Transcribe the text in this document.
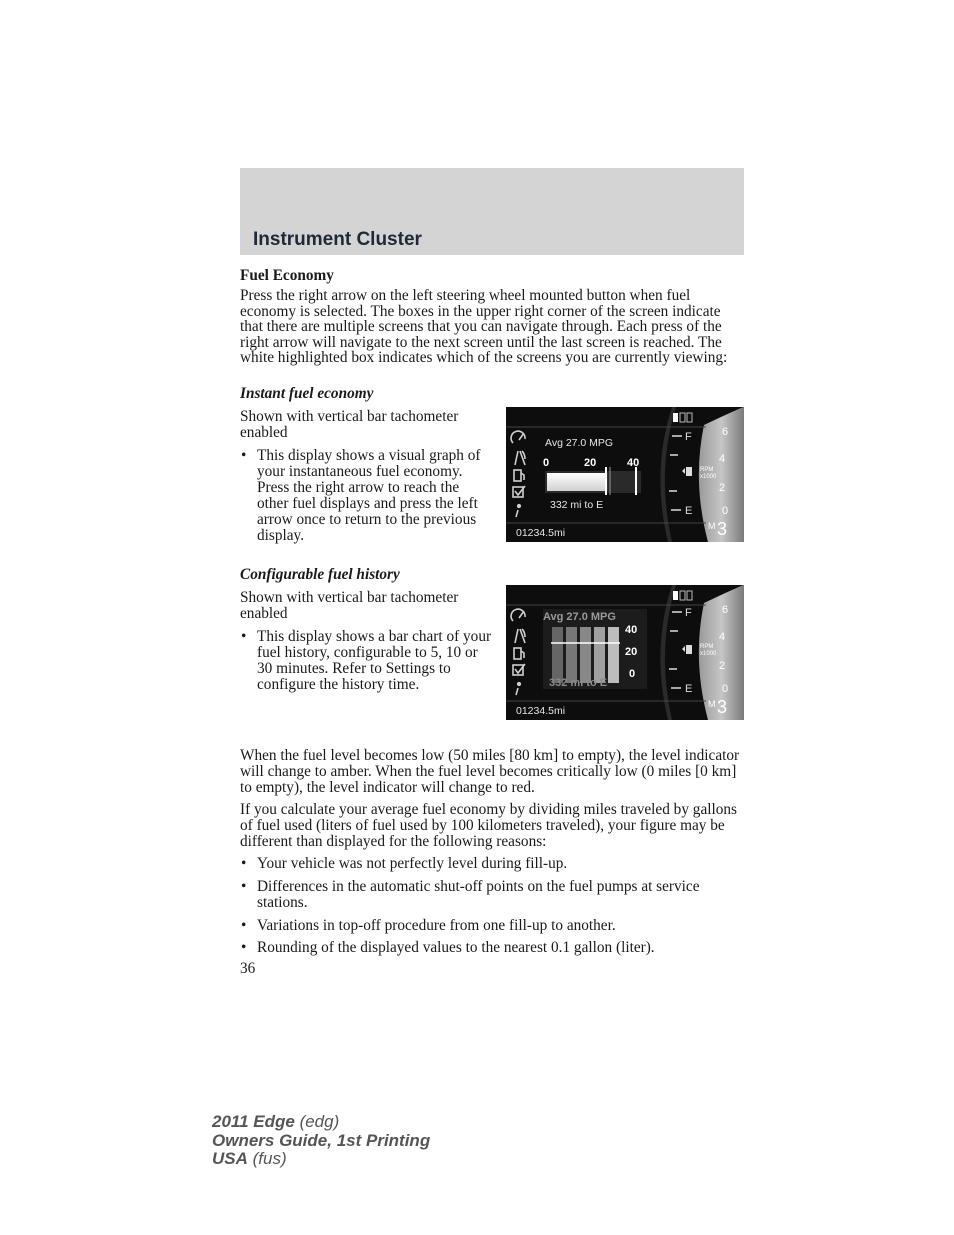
Instrument Cluster

Fuel Economy

Press the right arrow on the left steering wheel mounted button when fuel economy is selected. The boxes in the upper right corner of the screen indicate that there are multiple screens that you can navigate through. Each press of the right arrow will navigate to the next screen until the last screen is reached. The white highlighted box indicates which of the screens you are currently viewing:

Instant fuel economy

Shown with vertical bar tachometer enabled

• This display shows a visual graph of your instantaneous fuel economy. Press the right arrow to reach the other fuel displays and press the left arrow once to return to the previous display.
Avg 27.0 MPG
0	20	40
332 mi to E
01234.5mi
F
E
6
4
RPM
x1000
2
0
M 3

Configurable fuel history

Shown with vertical bar tachometer enabled

• This display shows a bar chart of your fuel history, configurable to 5, 10 or 30 minutes. Refer to Settings to configure the history time.
Avg 27.0 MPG
40
20
0
332 mi to E
01234.5mi
F
E
6
4
RPM
x1000
2
0
M 3

When the fuel level becomes low (50 miles [80 km] to empty), the level indicator will change to amber. When the fuel level becomes critically low (0 miles [0 km] to empty), the level indicator will change to red.

If you calculate your average fuel economy by dividing miles traveled by gallons of fuel used (liters of fuel used by 100 kilometers traveled), your figure may be different than displayed for the following reasons:

• Your vehicle was not perfectly level during fill-up.
• Differences in the automatic shut-off points on the fuel pumps at service stations.
• Variations in top-off procedure from one fill-up to another.
• Rounding of the displayed values to the nearest 0.1 gallon (liter).

36

2011 Edge (edg)
Owners Guide, 1st Printing
USA (fus)
